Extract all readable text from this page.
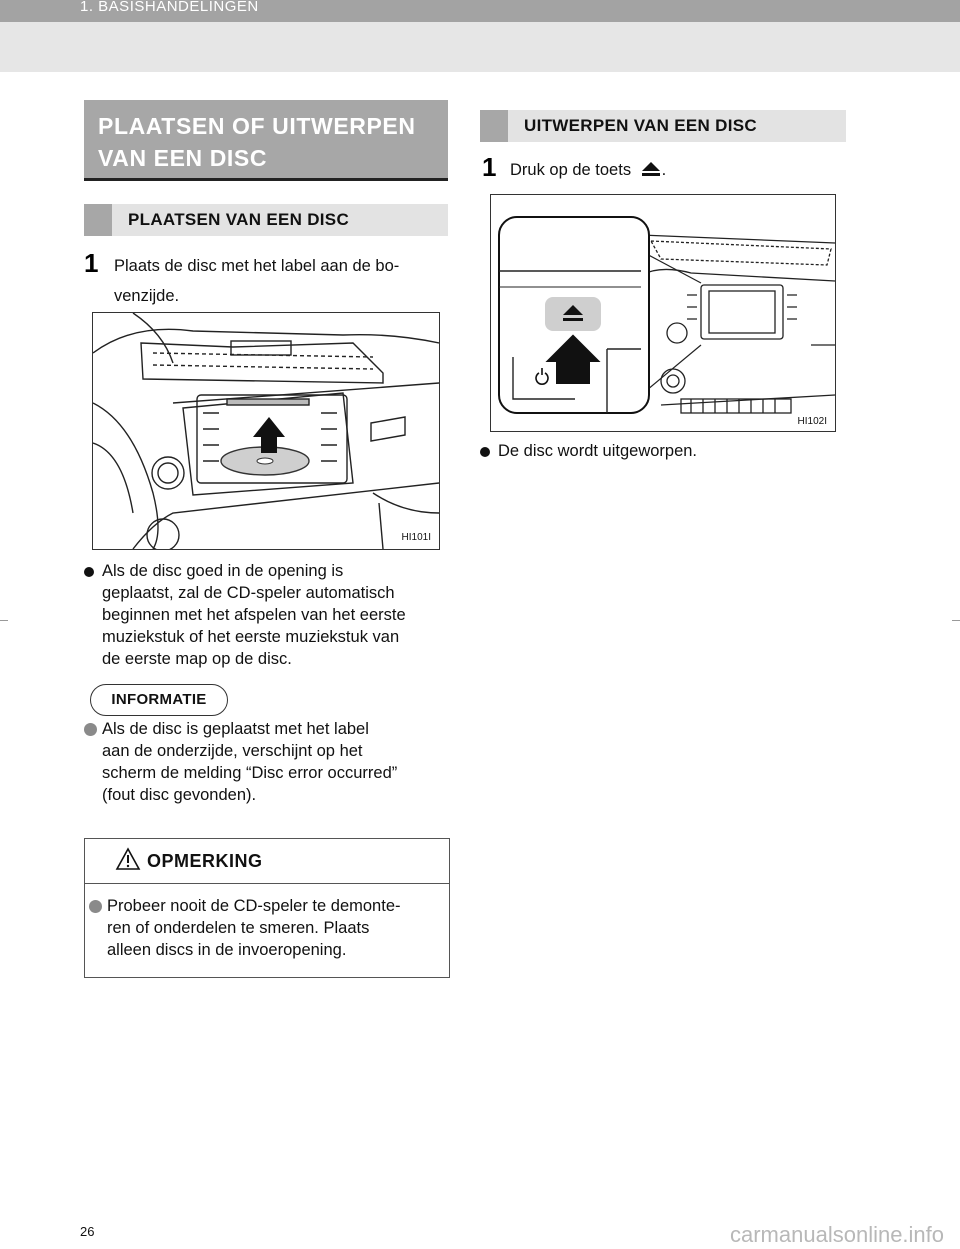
1. BASISHANDELINGEN
PLAATSEN OF UITWERPEN
VAN EEN DISC
PLAATSEN VAN EEN DISC
1 Plaats de disc met het label aan de bo-
venzijde.
HI101I
Als de disc goed in de opening is
geplaatst, zal de CD-speler automatisch
beginnen met het afspelen van het eerste
muziekstuk of het eerste muziekstuk van
de eerste map op de disc.
INFORMATIE
Als de disc is geplaatst met het label
aan de onderzijde, verschijnt op het
scherm de melding “Disc error occurred”
(fout disc gevonden).
OPMERKING
Probeer nooit de CD-speler te demonte-
ren of onderdelen te smeren. Plaats
alleen discs in de invoeropening.
UITWERPEN VAN EEN DISC
1 Druk op de toets .
HI102I
De disc wordt uitgeworpen.
26	carmanualsonline.info
